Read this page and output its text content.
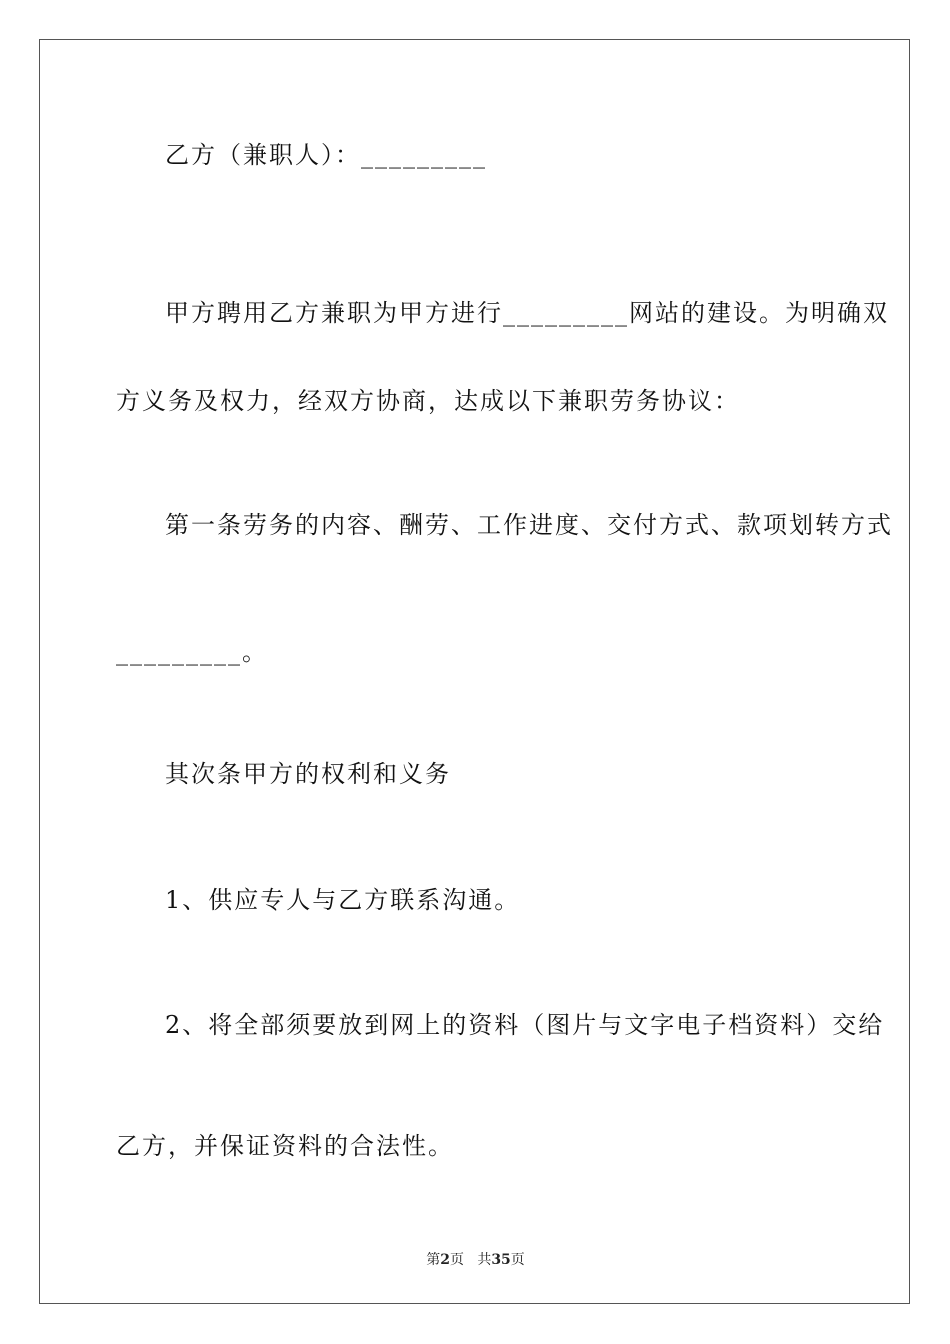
乙方（兼职人）：_________
甲方聘用乙方兼职为甲方进行_________网站的建设。为明确双
方义务及权力，经双方协商，达成以下兼职劳务协议：
第一条劳务的内容、酬劳、工作进度、交付方式、款项划转方式
_________。
其次条甲方的权利和义务
1、供应专人与乙方联系沟通。
2、将全部须要放到网上的资料（图片与文字电子档资料）交给
乙方，并保证资料的合法性。
第2页 共35页
